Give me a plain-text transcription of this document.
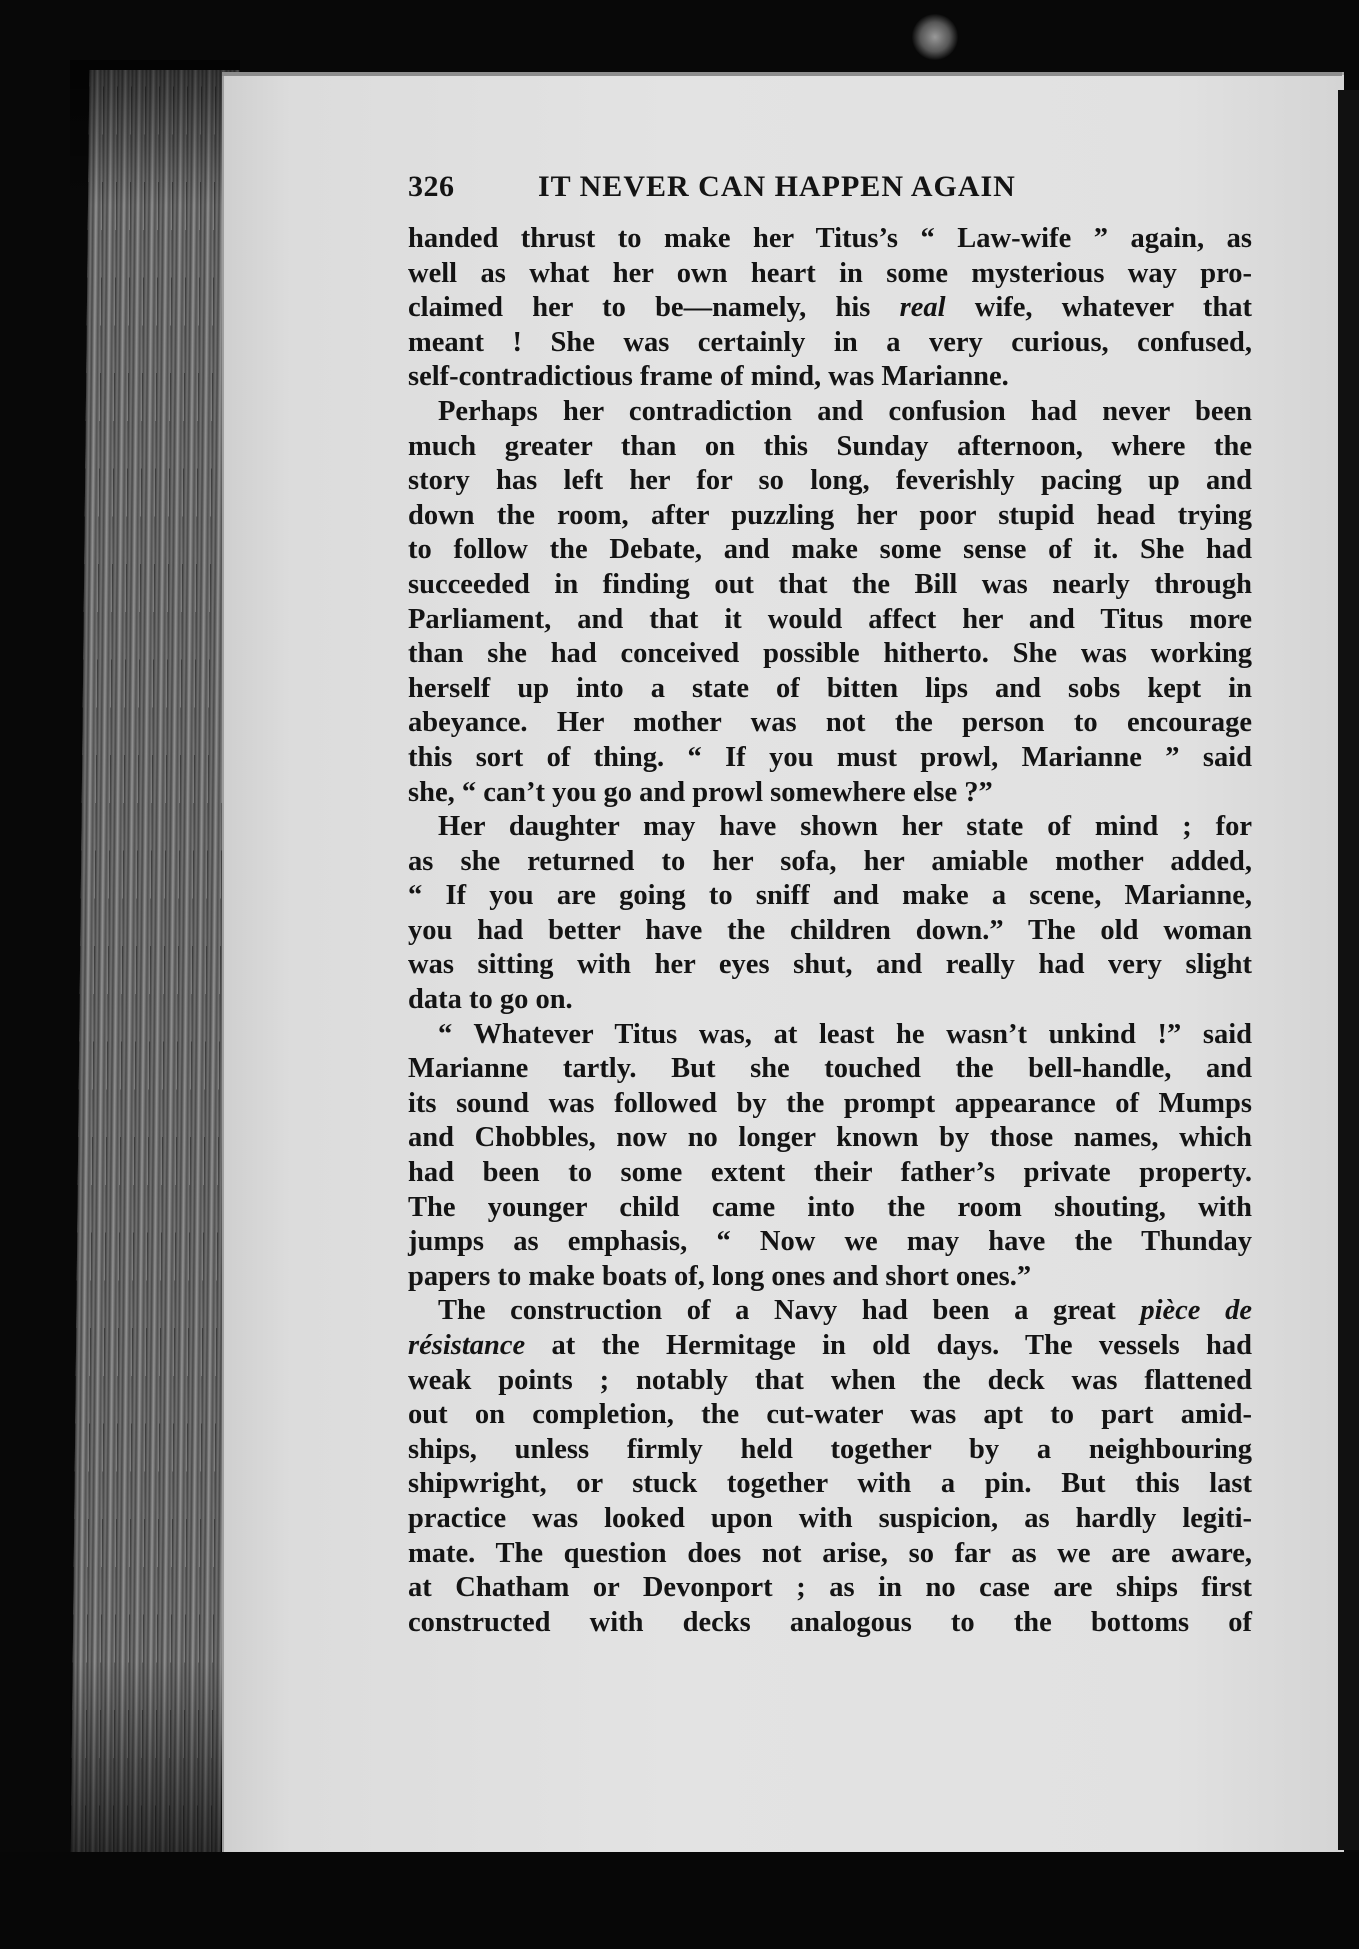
326	IT NEVER CAN HAPPEN AGAIN
handed thrust to make her Titus’s “ Law-wife ” again, as
well as what her own heart in some mysterious way pro-
claimed her to be—namely, his real wife, whatever that
meant ! She was certainly in a very curious, confused,
self-contradictious frame of mind, was Marianne.
Perhaps her contradiction and confusion had never been
much greater than on this Sunday afternoon, where the
story has left her for so long, feverishly pacing up and
down the room, after puzzling her poor stupid head trying
to follow the Debate, and make some sense of it. She had
succeeded in finding out that the Bill was nearly through
Parliament, and that it would affect her and Titus more
than she had conceived possible hitherto. She was working
herself up into a state of bitten lips and sobs kept in
abeyance. Her mother was not the person to encourage
this sort of thing. “ If you must prowl, Marianne ” said
she, “ can’t you go and prowl somewhere else ?”
Her daughter may have shown her state of mind ; for
as she returned to her sofa, her amiable mother added,
“ If you are going to sniff and make a scene, Marianne,
you had better have the children down.” The old woman
was sitting with her eyes shut, and really had very slight
data to go on.
“ Whatever Titus was, at least he wasn’t unkind !” said
Marianne tartly. But she touched the bell-handle, and
its sound was followed by the prompt appearance of Mumps
and Chobbles, now no longer known by those names, which
had been to some extent their father’s private property.
The younger child came into the room shouting, with
jumps as emphasis, “ Now we may have the Thunday
papers to make boats of, long ones and short ones.”
The construction of a Navy had been a great pièce de
résistance at the Hermitage in old days. The vessels had
weak points ; notably that when the deck was flattened
out on completion, the cut-water was apt to part amid-
ships, unless firmly held together by a neighbouring
shipwright, or stuck together with a pin. But this last
practice was looked upon with suspicion, as hardly legiti-
mate. The question does not arise, so far as we are aware,
at Chatham or Devonport ; as in no case are ships first
constructed with decks analogous to the bottoms of
